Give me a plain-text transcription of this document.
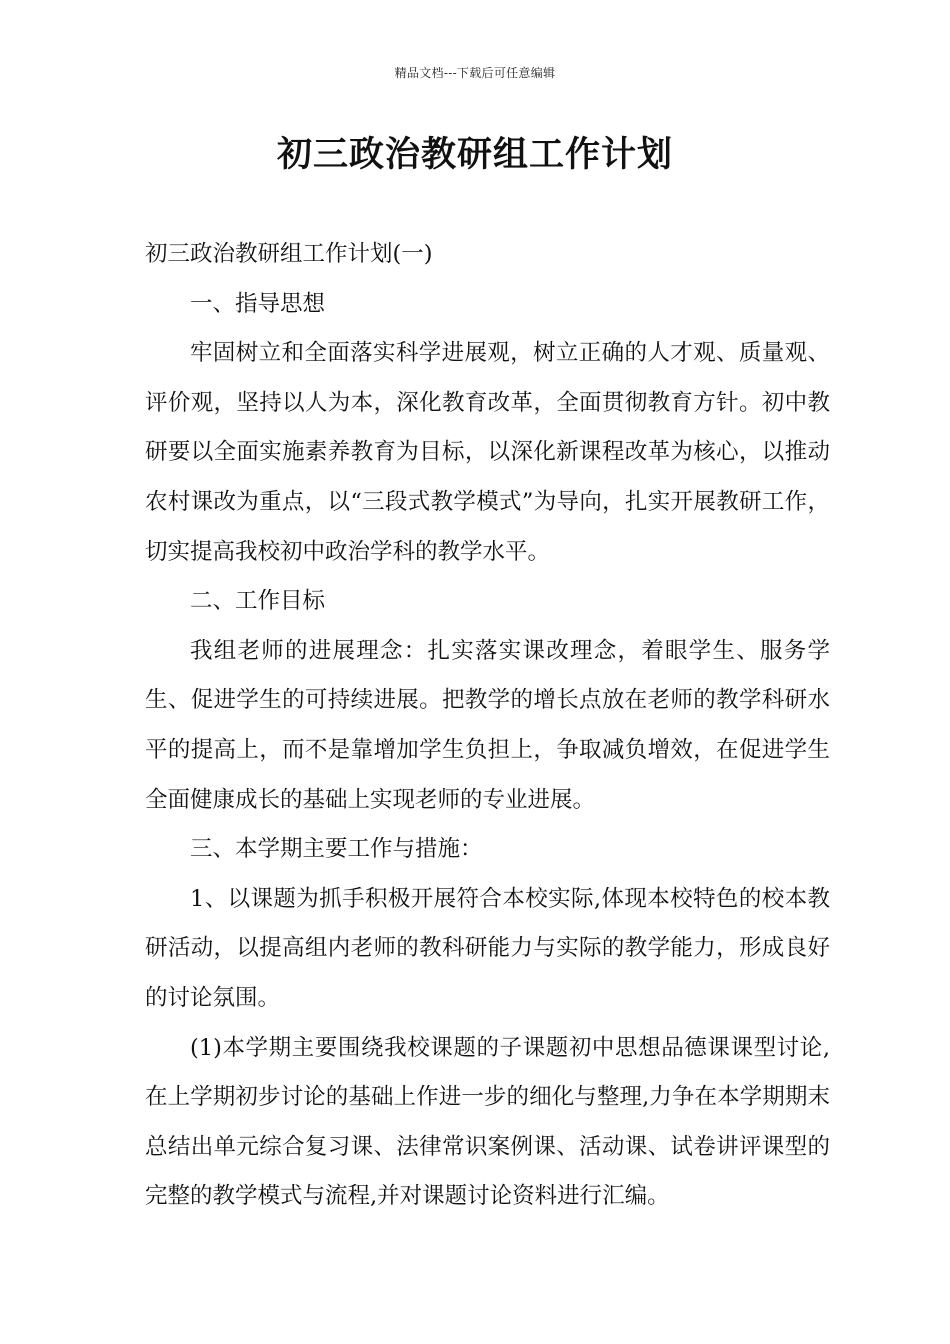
精品文档---下载后可任意编辑
初三政治教研组工作计划

初三政治教研组工作计划(一)

一、指导思想

牢固树立和全面落实科学进展观，树立正确的人才观、质量观、评价观，坚持以人为本，深化教育改革，全面贯彻教育方针。初中教研要以全面实施素养教育为目标，以深化新课程改革为核心，以推动农村课改为重点，以“三段式教学模式”为导向，扎实开展教研工作，切实提高我校初中政治学科的教学水平。

二、工作目标

我组老师的进展理念：扎实落实课改理念，着眼学生、服务学生、促进学生的可持续进展。把教学的增长点放在老师的教学科研水平的提高上，而不是靠增加学生负担上，争取减负增效，在促进学生全面健康成长的基础上实现老师的专业进展。

三、本学期主要工作与措施：

1、以课题为抓手积极开展符合本校实际,体现本校特色的校本教研活动，以提高组内老师的教科研能力与实际的教学能力，形成良好的讨论氛围。

(1)本学期主要围绕我校课题的子课题初中思想品德课课型讨论,在上学期初步讨论的基础上作进一步的细化与整理,力争在本学期期末总结出单元综合复习课、法律常识案例课、活动课、试卷讲评课型的完整的教学模式与流程,并对课题讨论资料进行汇编。
